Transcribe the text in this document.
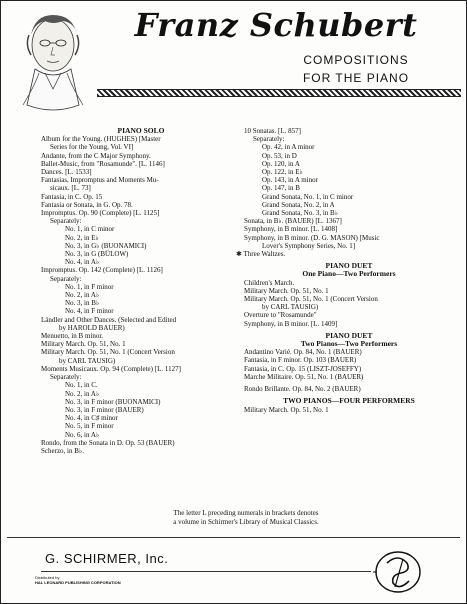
Franz Schubert
COMPOSITIONS
FOR THE PIANO
PIANO SOLO
Album for the Young. (HUGHES) [Master
Series for the Young, Vol. VI]
Andante, from the C Major Symphony.
Ballet-Music, from "Rosamunde". [L. 1146]
Dances. [L. 1533]
Fantasias, Impromptus and Moments Mu-
sicaux. [L. 73]
Fantasia, in C. Op. 15
Fantasia or Sonata, in G. Op. 78.
Impromptus. Op. 90 (Complete) [L. 1125]
Separately:
No. 1, in C minor
No. 2, in E♭
No. 3, in G♭ (BUONAMICI)
No. 3, in G (BÜLOW)
No. 4, in A♭
Impromptus. Op. 142 (Complete) [L. 1126]
Separately:
No. 1, in F minor
No. 2, in A♭
No. 3, in B♭
No. 4, in F minor
Ländler and Other Dances. (Selected and Edited
by HAROLD BAUER)
Menuetto, in B minor.
Military March. Op. 51, No. 1
Military March. Op. 51, No. 1 (Concert Version
by CARL TAUSIG)
Moments Musicaux. Op. 94 (Complete) [L. 1127]
Separately:
No. 1, in C.
No. 2, in A♭
No. 3, in F minor (BUONAMICI)
No. 3, in F minor (BAUER)
No. 4, in C♯ minor
No. 5, in F minor
No. 6, in A♭
Rondo, from the Sonata in D. Op. 53 (BAUER)
Scherzo, in B♭.
10 Sonatas. [L. 857]
Separately:
Op. 42, in A minor
Op. 53, in D
Op. 120, in A
Op. 122, in E♭
Op. 143, in A minor
Op. 147, in B
Grand Sonata, No. 1, in C minor
Grand Sonata, No. 2, in A
Grand Sonata, No. 3, in B♭
Sonata, in B♭. (BAUER) [L. 1367]
Symphony, in B minor. [L. 1408]
Symphony, in B minor. (D. G. MASON) [Music
Lover's Symphony Series, No. 1]
✱ Three Waltzes.
PIANO DUET
One Piano—Two Performers
Children's March.
Military March. Op. 51, No. 1
Military March. Op. 51, No. 1 (Concert Version
by CARL TAUSIG)
Overture to "Rosamunde"
Symphony, in B minor. [L. 1409]
PIANO DUET
Two Pianos—Two Performers
Andantino Varié. Op. 84, No. 1 (BAUER)
Fantasia, in F minor. Op. 103 (BAUER)
Fantasia, in C. Op. 15 (LISZT-JOSEFFY)
Marche Militaire. Op. 51, No. 1 (BAUER)
Rondo Brillante. Op. 84, No. 2 (BAUER)
TWO PIANOS—FOUR PERFORMERS
Military March. Op. 51, No. 1
The letter L preceding numerals in brackets denotes
a volume in Schirmer's Library of Musical Classics.
G. SCHIRMER, Inc.
Distributed by
HAL LEONARD PUBLISHING CORPORATION
